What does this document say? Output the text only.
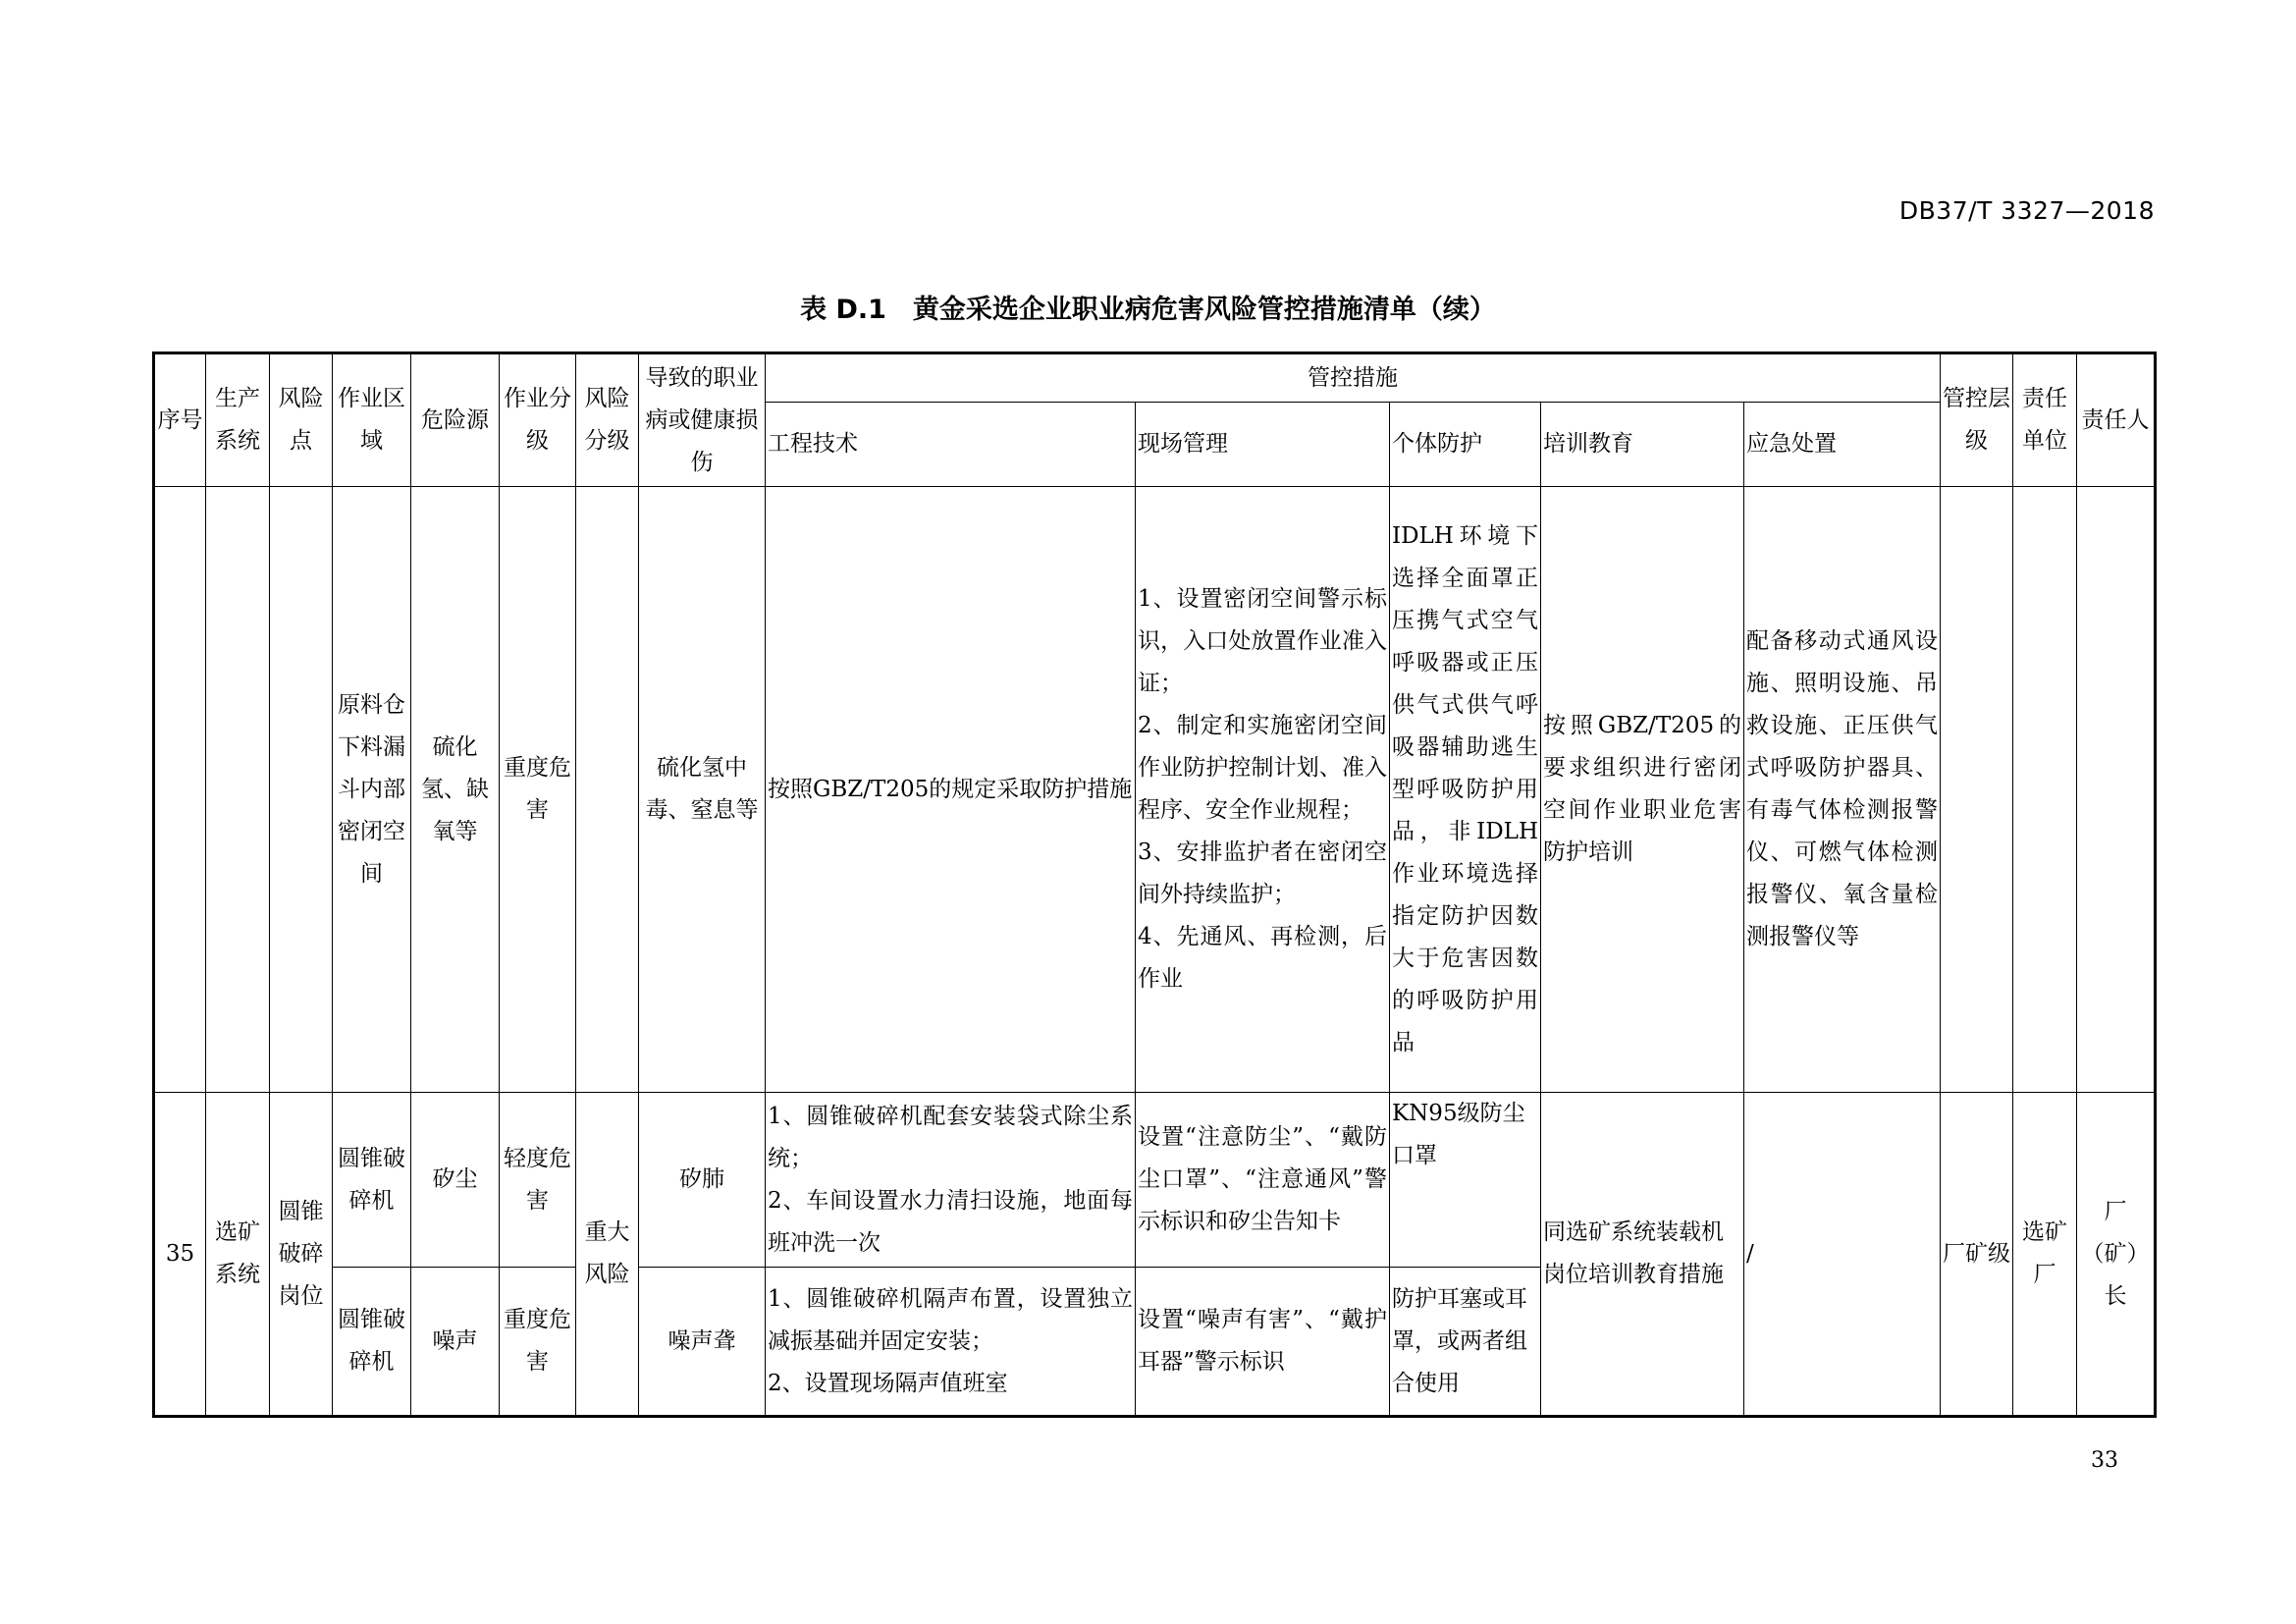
DB37/T 3327—2018
表 D.1　黄金采选企业职业病危害风险管控措施清单（续）
序号	生产系统	风险点	作业区域	危险源	作业分级	风险分级	导致的职业病或健康损伤	管控措施					管控层级	责任单位	责任人
								工程技术	现场管理	个体防护	培训教育	应急处置			
			原料仓下料漏斗内部密闭空间	硫化氢、缺氧等	重度危害		硫化氢中毒、窒息等	按照GBZ/T205的规定采取防护措施	1、设置密闭空间警示标识，入口处放置作业准入证；
2、制定和实施密闭空间作业防护控制计划、准入程序、安全作业规程；
3、安排监护者在密闭空间外持续监护；
4、先通风、再检测，后作业	IDLH环境下选择全面罩正压携气式空气呼吸器或正压供气式供气呼吸器辅助逃生型呼吸防护用品，非IDLH作业环境选择指定防护因数大于危害因数的呼吸防护用品	按照GBZ/T205的要求组织进行密闭空间作业职业危害防护培训	配备移动式通风设施、照明设施、吊救设施、正压供气式呼吸防护器具、有毒气体检测报警仪、可燃气体检测报警仪、氧含量检测报警仪等			
35	选矿系统	圆锥破碎岗位	圆锥破碎机	矽尘	轻度危害	重大风险	矽肺	1、圆锥破碎机配套安装袋式除尘系统；
2、车间设置水力清扫设施，地面每班冲洗一次	设置“注意防尘”、“戴防尘口罩”、“注意通风”警示标识和矽尘告知卡	KN95级防尘口罩	同选矿系统装载机岗位培训教育措施	/	厂矿级	选矿厂	厂（矿）长
			圆锥破碎机	噪声	重度危害		噪声聋	1、圆锥破碎机隔声布置，设置独立减振基础并固定安装；
2、设置现场隔声值班室	设置“噪声有害”、“戴护耳器”警示标识	防护耳塞或耳罩，或两者组合使用					
33
